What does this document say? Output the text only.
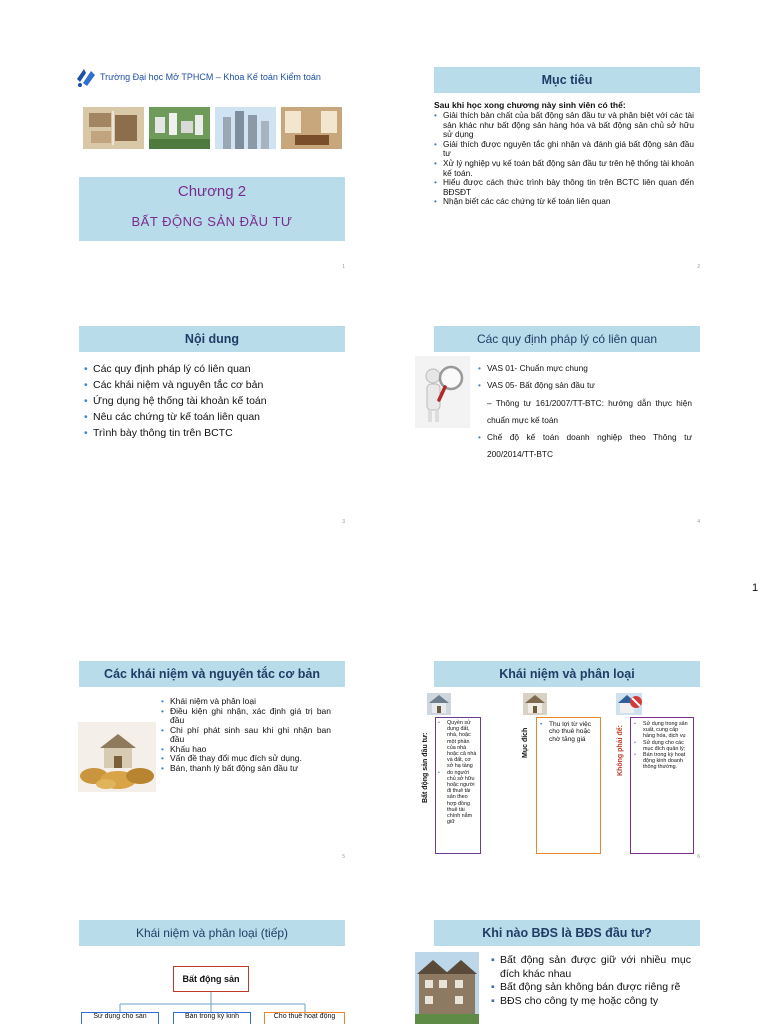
Trường Đại học Mở TPHCM – Khoa Kế toán Kiểm toán
Chương 2
BẤT ĐỘNG SẢN ĐẦU TƯ
1
Mục tiêu
Sau khi học xong chương này sinh viên có thể:
• Giải thích bản chất của bất động sản đầu tư và phân biệt với các tài sản khác như bất động sản hàng hóa và bất động sản chủ sở hữu sử dụng
• Giải thích được nguyên tắc ghi nhận và đánh giá bất động sản đầu tư
• Xử lý nghiệp vụ kế toán bất động sản đầu tư trên hệ thống tài khoản kế toán.
• Hiểu được cách thức trình bày thông tin trên BCTC liên quan đến BĐSĐT
• Nhận biết các các chứng từ kế toán liên quan
2
Nội dung
• Các quy định pháp lý có liên quan
• Các khái niệm và nguyên tắc cơ bản
• Ứng dụng hệ thống tài khoản kế toán
• Nêu các chứng từ kế toán liên quan
• Trình bày thông tin trên BCTC
3
Các quy định pháp lý có liên quan
• VAS 01- Chuẩn mực chung
• VAS 05- Bất động sản đầu tư
– Thông tư 161/2007/TT-BTC: hướng dẫn thực hiện chuẩn mực kế toán
• Chế độ kế toán doanh nghiệp theo Thông tư 200/2014/TT-BTC
4
1
Các khái niệm và nguyên tắc cơ bản
• Khái niệm và phân loại
• Điều kiện ghi nhận, xác định giá trị ban đầu
• Chi phí phát sinh sau khi ghi nhận ban đầu
• Khấu hao
• Vấn đề thay đổi mục đích sử dụng.
• Bán, thanh lý bất động sản đầu tư
5
Khái niệm và phân loại
Bất động sản đầu tư:
• Quyền sử dụng đất, nhà, hoặc một phần của nhà hoặc cả nhà và đất, cơ sở hạ tầng
• do người chủ sở hữu hoặc người đi thuê tài sản theo hợp đồng thuê tài chính nắm giữ
Mục đích
• Thu lợi từ việc cho thuê hoặc chờ tăng giá	Không phải để:
• Sử dụng trong sản xuất, cung cấp hàng hóa, dịch vụ
• Sử dụng cho các mục đích quản lý;
• Bán trong kỳ hoạt động kinh doanh thông thường.
6
Khái niệm và phân loại (tiếp)
Bất động sản
Sử dụng cho sản	Bán trong kỳ kinh	Cho thuê hoạt động
Khi nào BĐS là BĐS đầu tư?
▪ Bất động sản được giữ với nhiều mục đích khác nhau
▪ Bất động sản không bán được riêng rẽ
▪ BĐS cho công ty mẹ hoặc công ty
